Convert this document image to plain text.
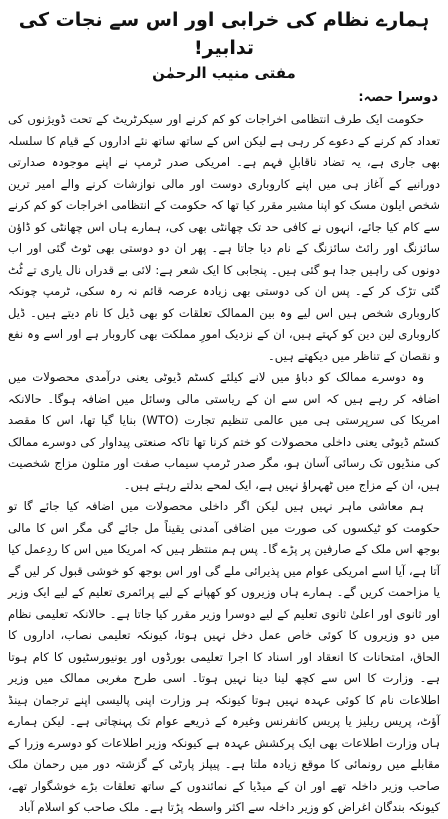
ہمارے نظام کی خرابی اور اس سے نجات کی تدابیر!
مفتی منیب الرحمٰن
دوسرا حصہ:

حکومت ایک طرف انتظامی اخراجات کو کم کرنے اور سیکرٹریٹ کے تحت ڈویژنوں کی تعداد کم کرنے کے دعوے کر رہی ہے لیکن اس کے ساتھ ساتھ نئے اداروں کے قیام کا سلسلہ بھی جاری ہے، یہ تضاد ناقابلِ فہم ہے۔ امریکی صدر ٹرمپ نے اپنے موجودہ صدارتی دورانیے کے آغاز ہی میں اپنے کاروباری دوست اور مالی نوازشات کرنے والے امیر ترین شخص ایلون مسک کو اپنا مشیر مقرر کیا تھا کہ حکومت کے انتظامی اخراجات کو کم کرنے سے کام کیا جائے، انہوں نے کافی حد تک چھانٹی بھی کی، ہمارے ہاں اس چھانٹی کو ڈاؤن سائزنگ اور رائٹ سائزنگ کے نام دیا جاتا ہے۔ پھر ان دو دوستی بھی ٹوٹ گئی اور اب دونوں کی راہیں جدا ہو گئی ہیں۔ پنجابی کا ایک شعر ہے: لائی بے قدراں نال یاری تے ٹُٹ گئی تڑک کر کے۔ پس ان کی دوستی بھی زیادہ عرصہ قائم نہ رہ سکی، ٹرمپ چونکہ کاروباری شخص ہیں اس لیے وہ بین الممالک تعلقات کو بھی ڈیل کا نام دیتے ہیں۔ ڈیل کاروباری لین دین کو کہتے ہیں، ان کے نزدیک امورِ مملکت بھی کاروبار ہے اور اسے وہ نفع و نقصان کے تناظر میں دیکھتے ہیں۔

وہ دوسرے ممالک کو دباؤ میں لانے کیلئے کسٹم ڈیوٹی یعنی درآمدی محصولات میں اضافہ کر رہے ہیں کہ اس سے ان کے ریاستی مالی وسائل میں اضافہ ہوگا۔ حالانکہ امریکا کی سرپرستی ہی میں عالمی تنظیم تجارت (WTO) بنایا گیا تھا، اس کا مقصد کسٹم ڈیوٹی یعنی داخلی محصولات کو ختم کرنا تھا تاکہ صنعتی پیداوار کی دوسرے ممالک کی منڈیوں تک رسائی آسان ہو، مگر صدر ٹرمپ سیماب صفت اور متلون مزاج شخصیت ہیں، ان کے مزاج میں ٹھہراؤ نہیں ہے، ایک لمحے بدلتے رہتے ہیں۔

ہم معاشی ماہر نہیں ہیں لیکن اگر داخلی محصولات میں اضافہ کیا جائے گا تو حکومت کو ٹیکسوں کی صورت میں اضافی آمدنی یقیناً مل جائے گی مگر اس کا مالی بوجھ اس ملک کے صارفین پر پڑے گا۔ پس ہم منتظر ہیں کہ امریکا میں اس کا ردِعمل کیا آتا ہے، آیا اسے امریکی عوام میں پذیرائی ملے گی اور اس بوجھ کو خوشی قبول کر لیں گے یا مزاحمت کریں گے۔ ہمارے ہاں وزیروں کو کھپانے کے لیے پرائمری تعلیم کے لیے ایک وزیر اور ثانوی اور اعلیٰ ثانوی تعلیم کے لیے دوسرا وزیر مقرر کیا جاتا ہے۔ حالانکہ تعلیمی نظام میں دو وزیروں کا کوئی خاص عمل دخل نہیں ہوتا، کیونکہ تعلیمی نصاب، اداروں کا الحاق، امتحانات کا انعقاد اور اسناد کا اجرا تعلیمی بورڈوں اور یونیورسٹیوں کا کام ہوتا ہے۔ وزارت کا اس سے کچھ لینا دینا نہیں ہوتا۔ اسی طرح مغربی ممالک میں وزیر اطلاعات نام کا کوئی عہدہ نہیں ہوتا کیونکہ ہر وزارت اپنی پالیسی اپنے ترجمان ہینڈ آؤٹ، پریس ریلیز یا پریس کانفرنس وغیرہ کے ذریعے عوام تک پہنچاتی ہے۔ لیکن ہمارے ہاں وزارت اطلاعات بھی ایک پرکشش عہدہ ہے کیونکہ وزیر اطلاعات کو دوسرے وزرا کے مقابلے میں رونمائی کا موقع زیادہ ملتا ہے۔ پیپلز پارٹی کے گزشتہ دور میں رحمان ملک صاحب وزیر داخلہ تھے اور ان کے میڈیا کے نمائندوں کے ساتھ تعلقات بڑے خوشگوار تھے، کیونکہ بندگان اغراض کو وزیر داخلہ سے اکثر واسطہ پڑتا ہے۔ ملک صاحب کو اسلام آباد
